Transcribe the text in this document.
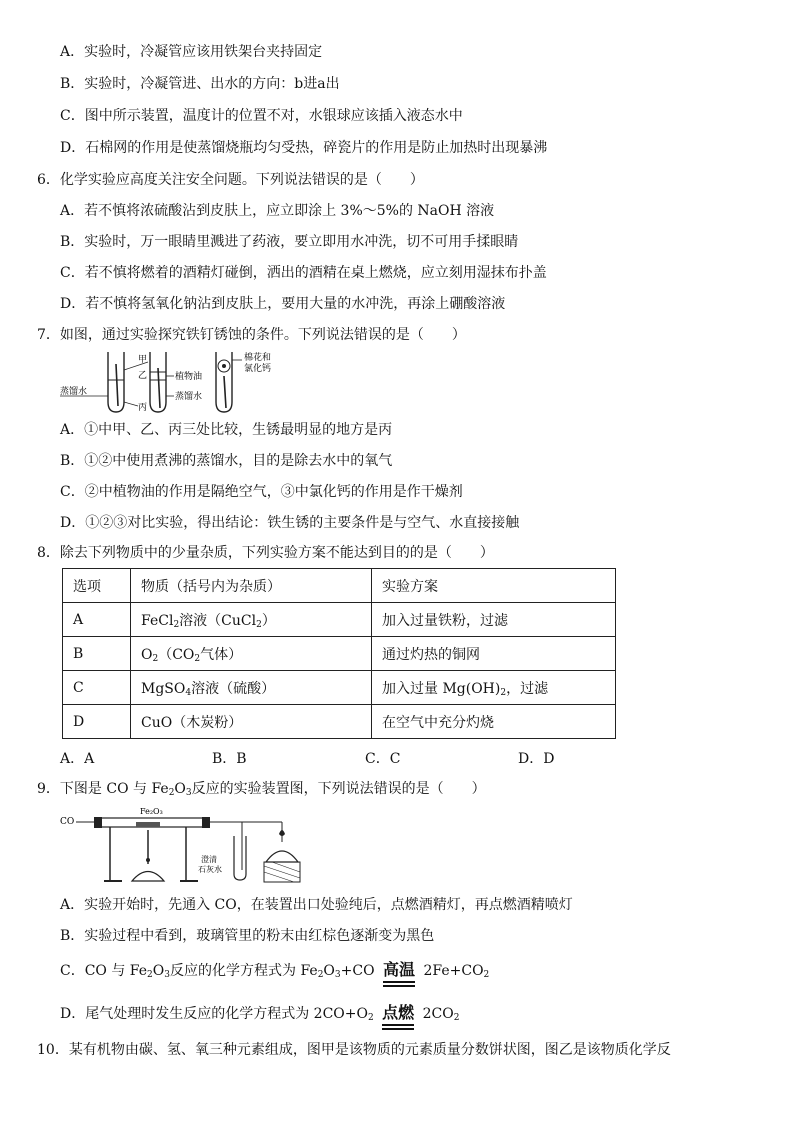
A．实验时，冷凝管应该用铁架台夹持固定
B．实验时，冷凝管进、出水的方向：b进a出
C．图中所示装置，温度计的位置不对，水银球应该插入液态水中
D．石棉网的作用是使蒸馏烧瓶均匀受热，碎瓷片的作用是防止加热时出现暴沸
6．化学实验应高度关注安全问题。下列说法错误的是（　　）
A．若不慎将浓硫酸沾到皮肤上，应立即涂上 3%～5%的 NaOH 溶液
B．实验时，万一眼睛里溅进了药液，要立即用水冲洗，切不可用手揉眼睛
C．若不慎将燃着的酒精灯碰倒，洒出的酒精在桌上燃烧，应立刻用湿抹布扑盖
D．若不慎将氢氧化钠沾到皮肤上，要用大量的水冲洗，再涂上硼酸溶液
7．如图，通过实验探究铁钉锈蚀的条件。下列说法错误的是（　　）
蒸馏水
甲
乙
丙
植物油
蒸馏水
棉花和
氯化钙
A．①中甲、乙、丙三处比较，生锈最明显的地方是丙
B．①②中使用煮沸的蒸馏水，目的是除去水中的氧气
C．②中植物油的作用是隔绝空气，③中氯化钙的作用是作干燥剂
D．①②③对比实验，得出结论：铁生锈的主要条件是与空气、水直接接触
8．除去下列物质中的少量杂质，下列实验方案不能达到目的的是（　　）
选项	物质（括号内为杂质）	实验方案
A	FeCl$_2$溶液（CuCl$_2$）	加入过量铁粉，过滤
B	$O_2(CO_2$气体）	通过灼热的铜网
C	MgSO$_4$溶液（硫酸）	加入过量 $Mg(OH)_2$，过滤
D	CuO（木炭粉）	在空气中充分灼烧
A．A	B．B	C．C	D．D
9．下图是 CO 与 $Fe_2O_3$反应的实验装置图，下列说法错误的是（　　）
CO
Fe₂O₃
澄清
石灰水
A．实验开始时，先通入 CO，在装置出口处验纯后，点燃酒精灯，再点燃酒精喷灯
B．实验过程中看到，玻璃管里的粉末由红棕色逐渐变为黑色
C．CO 与 $Fe_2O_3$反应的化学方程式为 $Fe_2O_3+CO$ 高温 $2Fe+CO_2$
D．尾气处理时发生反应的化学方程式为 $2CO+O_2$ 点燃 $2CO_2$
10．某有机物由碳、氢、氧三种元素组成，图甲是该物质的元素质量分数饼状图，图乙是该物质化学反
